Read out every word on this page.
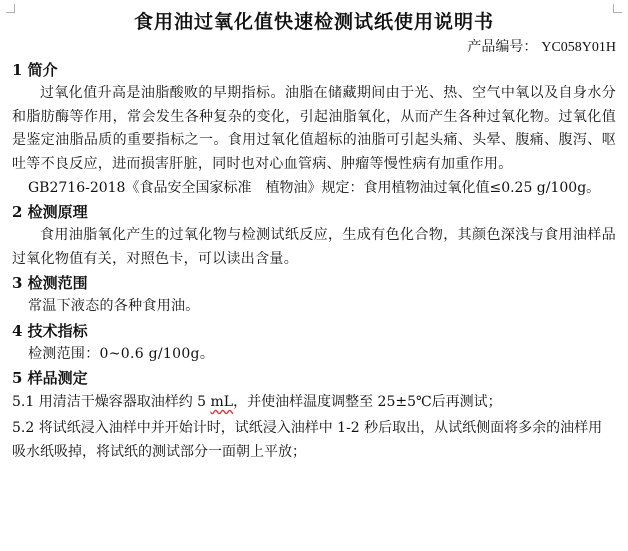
食用油过氧化值快速检测试纸使用说明书
产品编号： YC058Y01H
1 简介

过氧化值升高是油脂酸败的早期指标。油脂在储藏期间由于光、热、空气中氧以及自身水分和脂肪酶等作用，常会发生各种复杂的变化，引起油脂氧化，从而产生各种过氧化物。过氧化值是鉴定油脂品质的重要指标之一。食用过氧化值超标的油脂可引起头痛、头晕、腹痛、腹泻、呕吐等不良反应，进而损害肝脏，同时也对心血管病、肿瘤等慢性病有加重作用。

GB2716-2018《食品安全国家标准　植物油》规定：食用植物油过氧化值≤0.25 g/100g。
2 检测原理

食用油脂氧化产生的过氧化物与检测试纸反应，生成有色化合物，其颜色深浅与食用油样品过氧化物值有关，对照色卡，可以读出含量。

3 检测范围

常温下液态的各种食用油。

4 技术指标

检测范围：0~0.6 g/100g。

5 样品测定

5.1 用清洁干燥容器取油样约 5 mL，并使油样温度调整至 25±5℃后再测试；

5.2 将试纸浸入油样中并开始计时，试纸浸入油样中 1-2 秒后取出，从试纸侧面将多余的油样用吸水纸吸掉，将试纸的测试部分一面朝上平放；
